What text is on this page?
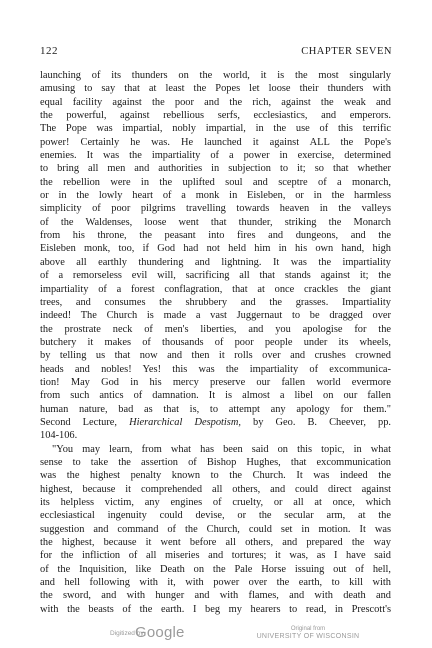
122	CHAPTER SEVEN

launching of its thunders on the world, it is the most singularly

amusing to say that at least the Popes let loose their thunders with

equal facility against the poor and the rich, against the weak and

the powerful, against rebellious serfs, ecclesiastics, and emperors.

The Pope was impartial, nobly impartial, in the use of this terrific

power! Certainly he was. He launched it against ALL the Pope's

enemies. It was the impartiality of a power in exercise, determined

to bring all men and authorities in subjection to it; so that whether

the rebellion were in the uplifted soul and sceptre of a monarch,

or in the lowly heart of a monk in Eisleben, or in the harmless

simplicity of poor pilgrims travelling towards heaven in the valleys

of the Waldenses, loose went that thunder, striking the Monarch

from his throne, the peasant into fires and dungeons, and the

Eisleben monk, too, if God had not held him in his own hand, high

above all earthly thundering and lightning. It was the impartiality

of a remorseless evil will, sacrificing all that stands against it; the

impartiality of a forest conflagration, that at once crackles the giant

trees, and consumes the shrubbery and the grasses. Impartiality

indeed! The Church is made a vast Juggernaut to be dragged over

the prostrate neck of men's liberties, and you apologise for the

butchery it makes of thousands of poor people under its wheels,

by telling us that now and then it rolls over and crushes crowned

heads and nobles! Yes! this was the impartiality of excommunica-

tion! May God in his mercy preserve our fallen world evermore

from such antics of damnation. It is almost a libel on our fallen

human nature, bad as that is, to attempt any apology for them."

Second Lecture, Hierarchical Despotism, by Geo. B. Cheever, pp.

104-106.

"You may learn, from what has been said on this topic, in what

sense to take the assertion of Bishop Hughes, that excommunication

was the highest penalty known to the Church. It was indeed the

highest, because it comprehended all others, and could direct against

its helpless victim, any engines of cruelty, or all at once, which

ecclesiastical ingenuity could devise, or the secular arm, at the

suggestion and command of the Church, could set in motion. It was

the highest, because it went before all others, and prepared the way

for the infliction of all miseries and tortures; it was, as I have said

of the Inquisition, like Death on the Pale Horse issuing out of hell,

and hell following with it, with power over the earth, to kill with

the sword, and with hunger and with flames, and with death and

with the beasts of the earth. I beg my hearers to read, in Prescott's

Digitized by
Google	Original from
UNIVERSITY OF WISCONSIN
